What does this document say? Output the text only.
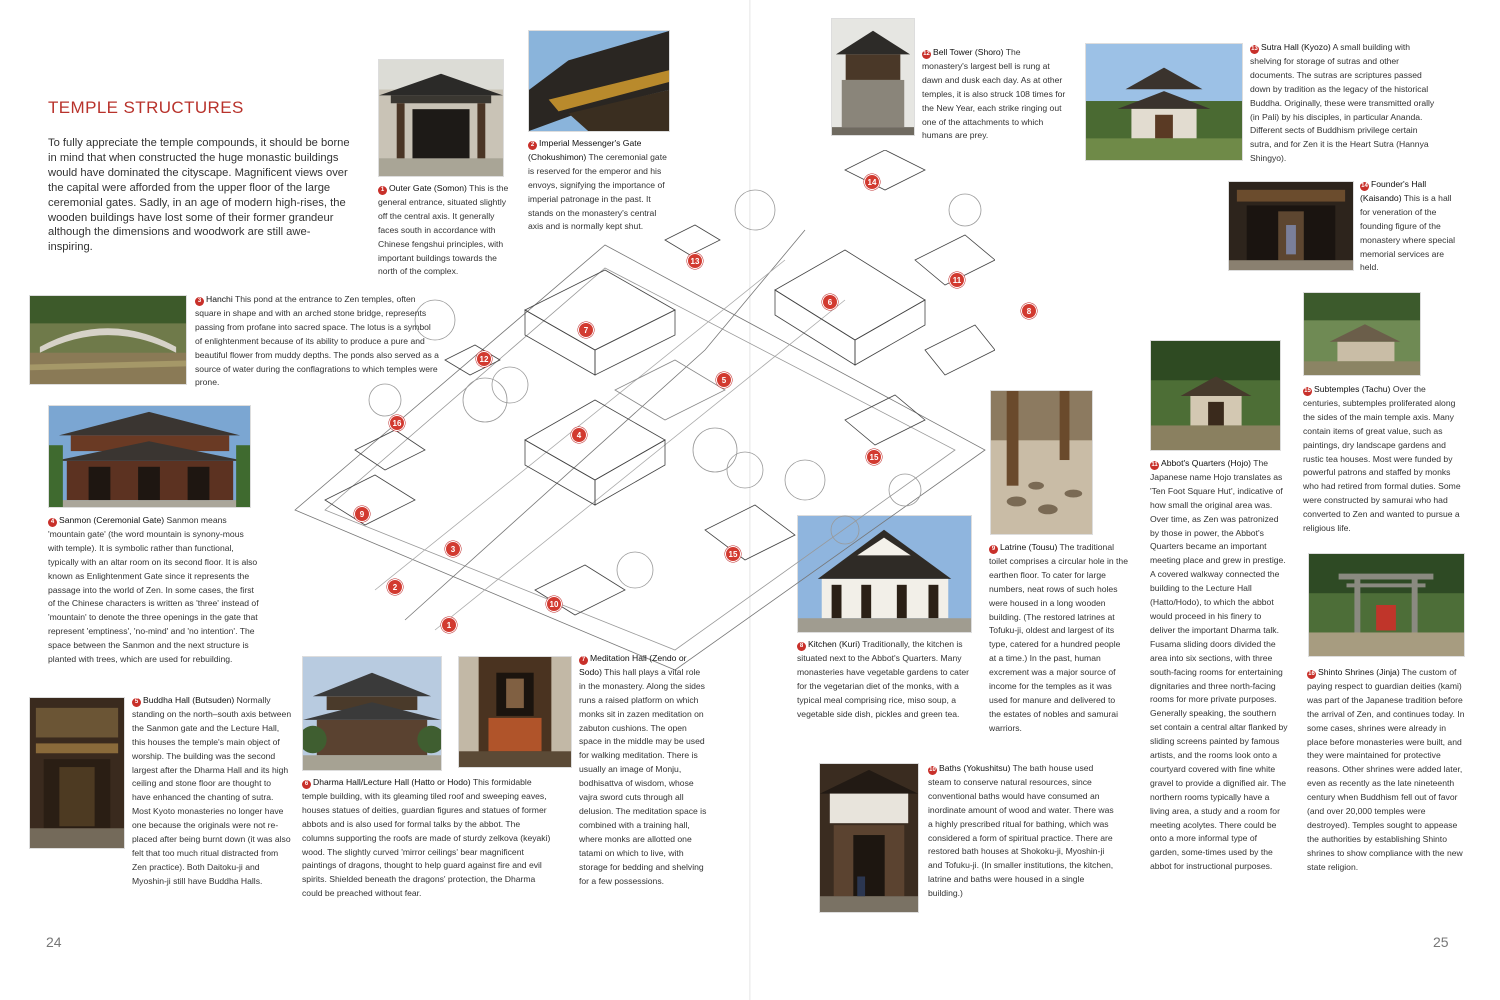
TEMPLE STRUCTURES
To fully appreciate the temple compounds, it should be borne in mind that when constructed the huge monastic buildings would have dominated the cityscape. Magnificent views over the capital were afforded from the upper floor of the large ceremonial gates. Sadly, in an age of modern high-rises, the wooden buildings have lost some of their former grandeur although the dimensions and woodwork are still awe-inspiring.
1
2
3
4
5
6
7
8
9
10
11
12
13
14
15
15
16
1 Outer Gate (Somon) This is the general entrance, situated slightly off the central axis. It generally faces south in accordance with Chinese fengshui principles, with important buildings towards the north of the complex.
2 Imperial Messenger's Gate (Chokushimon) The ceremonial gate is reserved for the emperor and his envoys, signifying the importance of imperial patronage in the past. It stands on the monastery's central axis and is normally kept shut.
3 Hanchi This pond at the entrance to Zen temples, often square in shape and with an arched stone bridge, represents passing from profane into sacred space. The lotus is a symbol of enlightenment because of its ability to produce a pure and beautiful flower from muddy depths. The ponds also served as a source of water during the conflagrations to which temples were prone.
4 Sanmon (Ceremonial Gate) Sanmon means 'mountain gate' (the word mountain is synony-mous with temple). It is symbolic rather than functional, typically with an altar room on its second floor. It is also known as Enlightenment Gate since it represents the passage into the world of Zen. In some cases, the first of the Chinese characters is written as 'three' instead of 'mountain' to denote the three openings in the gate that represent 'emptiness', 'no-mind' and 'no intention'. The space between the Sanmon and the next structure is planted with trees, which are used for rebuilding.
5 Buddha Hall (Butsuden) Normally standing on the north–south axis between the Sanmon gate and the Lecture Hall, this houses the temple's main object of worship. The building was the second largest after the Dharma Hall and its high ceiling and stone floor are thought to have enhanced the chanting of sutra. Most Kyoto monasteries no longer have one because the originals were not re-placed after being burnt down (it was also felt that too much ritual distracted from Zen practice). Both Daitoku-ji and Myoshin-ji still have Buddha Halls.
6 Dharma Hall/Lecture Hall (Hatto or Hodo) This formidable temple building, with its gleaming tiled roof and sweeping eaves, houses statues of deities, guardian figures and statues of former abbots and is also used for formal talks by the abbot. The columns supporting the roofs are made of sturdy zelkova (keyaki) wood. The slightly curved 'mirror ceilings' bear magnificent paintings of dragons, thought to help guard against fire and evil spirits. Shielded beneath the dragons' protection, the Dharma could be preached without fear.
7 Meditation Hall (Zendo or Sodo) This hall plays a vital role in the monastery. Along the sides runs a raised platform on which monks sit in zazen meditation on zabuton cushions. The open space in the middle may be used for walking meditation. There is usually an image of Monju, bodhisattva of wisdom, whose vajra sword cuts through all delusion. The meditation space is combined with a training hall, where monks are allotted one tatami on which to live, with storage for bedding and shelving for a few possessions.
8 Kitchen (Kuri) Traditionally, the kitchen is situated next to the Abbot's Quarters. Many monasteries have vegetable gardens to cater for the vegetarian diet of the monks, with a typical meal comprising rice, miso soup, a vegetable side dish, pickles and green tea.
9 Latrine (Tousu) The traditional toilet comprises a circular hole in the earthen floor. To cater for large numbers, neat rows of such holes were housed in a long wooden building. (The restored latrines at Tofuku-ji, oldest and largest of its type, catered for a hundred people at a time.) In the past, human excrement was a major source of income for the temples as it was used for manure and delivered to the estates of nobles and samurai warriors.
10 Baths (Yokushitsu) The bath house used steam to conserve natural resources, since conventional baths would have consumed an inordinate amount of wood and water. There was a highly prescribed ritual for bathing, which was considered a form of spiritual practice. There are restored bath houses at Shokoku-ji, Myoshin-ji and Tofuku-ji. (In smaller institutions, the kitchen, latrine and baths were housed in a single building.)
11 Abbot's Quarters (Hojo) The Japanese name Hojo translates as 'Ten Foot Square Hut', indicative of how small the original area was. Over time, as Zen was patronized by those in power, the Abbot's Quarters became an important meeting place and grew in prestige. A covered walkway connected the building to the Lecture Hall (Hatto/Hodo), to which the abbot would proceed in his finery to deliver the important Dharma talk. Fusama sliding doors divided the area into six sections, with three south-facing rooms for entertaining dignitaries and three north-facing rooms for more private purposes. Generally speaking, the southern set contain a central altar flanked by sliding screens painted by famous artists, and the rooms look onto a courtyard covered with fine white gravel to provide a dignified air. The northern rooms typically have a living area, a study and a room for meeting acolytes. There could be onto a more informal type of garden, some-times used by the abbot for instructional purposes.
12 Bell Tower (Shoro) The monastery's largest bell is rung at dawn and dusk each day. As at other temples, it is also struck 108 times for the New Year, each strike ringing out one of the attachments to which humans are prey.
13 Sutra Hall (Kyozo) A small building with shelving for storage of sutras and other documents. The sutras are scriptures passed down by tradition as the legacy of the historical Buddha. Originally, these were transmitted orally (in Pali) by his disciples, in particular Ananda. Different sects of Buddhism privilege certain sutra, and for Zen it is the Heart Sutra (Hannya Shingyo).
14 Founder's Hall (Kaisando) This is a hall for veneration of the founding figure of the monastery where special memorial services are held.
15 Subtemples (Tachu) Over the centuries, subtemples proliferated along the sides of the main temple axis. Many contain items of great value, such as paintings, dry landscape gardens and rustic tea houses. Most were funded by powerful patrons and staffed by monks who had retired from formal duties. Some were constructed by samurai who had converted to Zen and wanted to pursue a religious life.
16 Shinto Shrines (Jinja) The custom of paying respect to guardian deities (kami) was part of the Japanese tradition before the arrival of Zen, and continues today. In some cases, shrines were already in place before monasteries were built, and they were maintained for protective reasons. Other shrines were added later, even as recently as the late nineteenth century when Buddhism fell out of favor (and over 20,000 temples were destroyed). Temples sought to appease the authorities by establishing Shinto shrines to show compliance with the new state religion.
24	25
